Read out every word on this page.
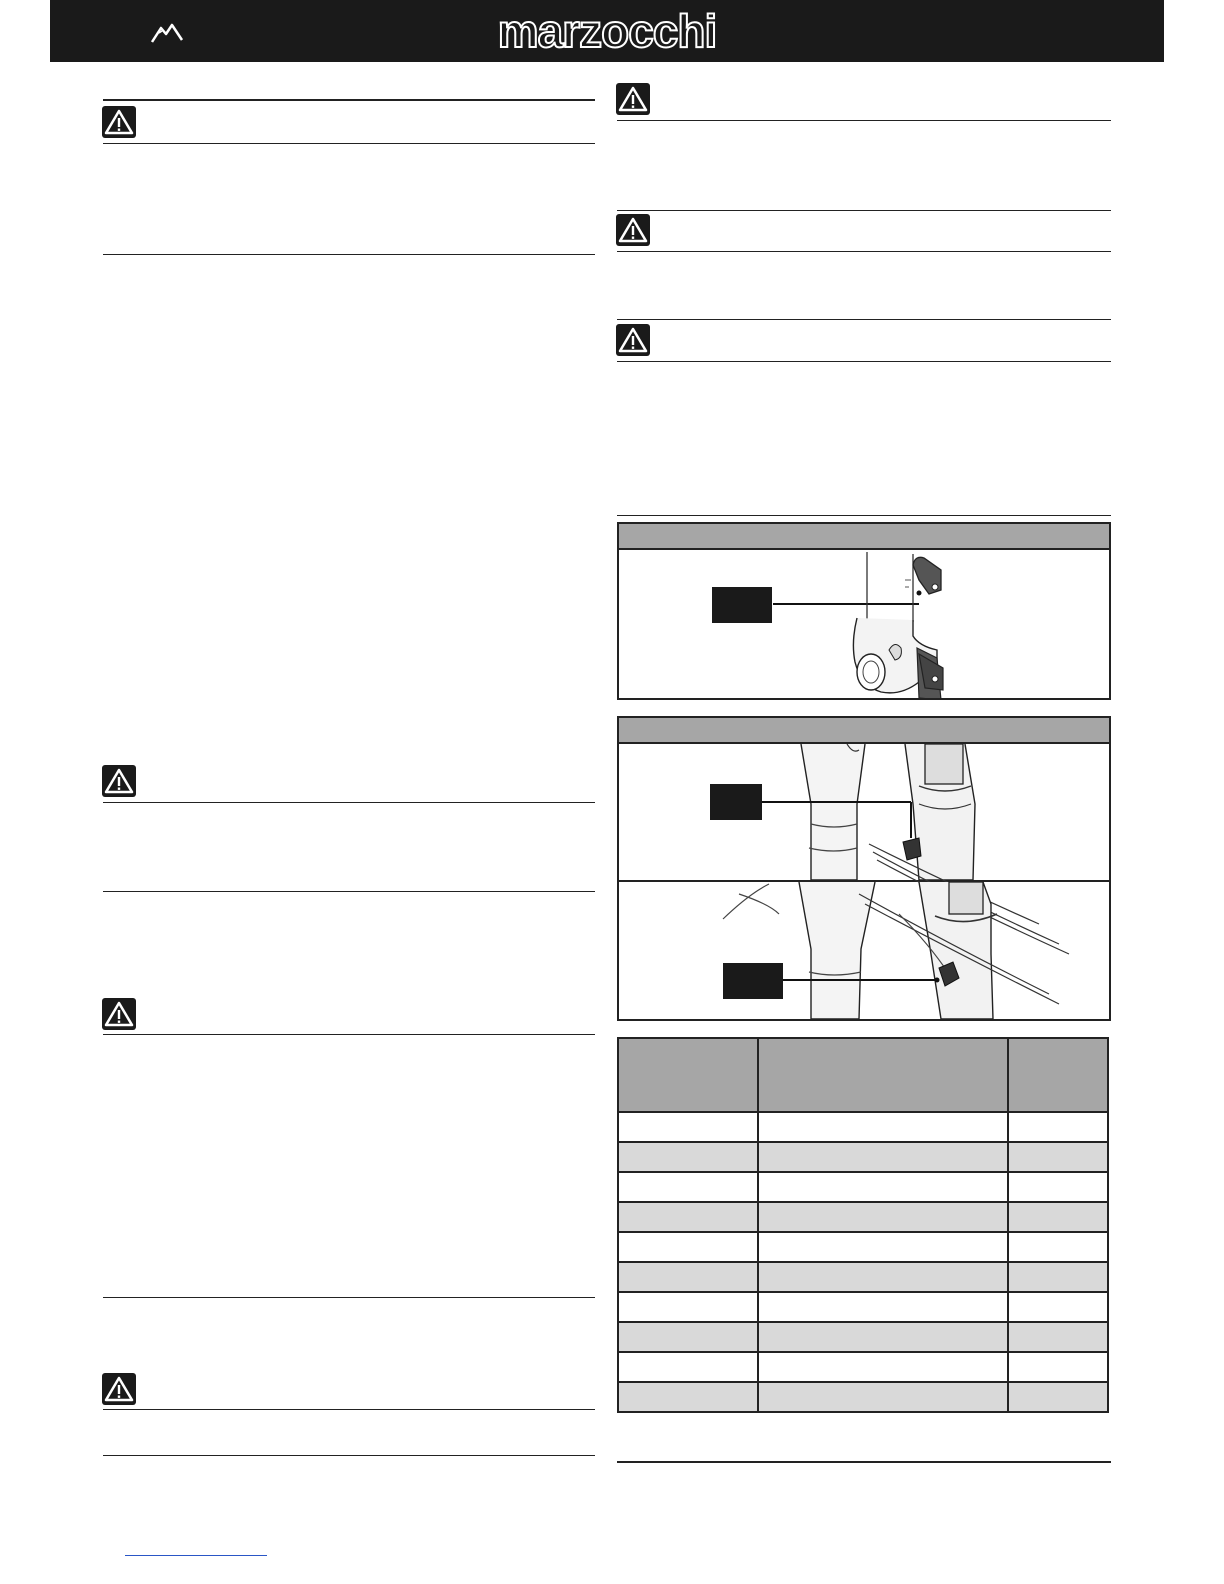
marzocchi
